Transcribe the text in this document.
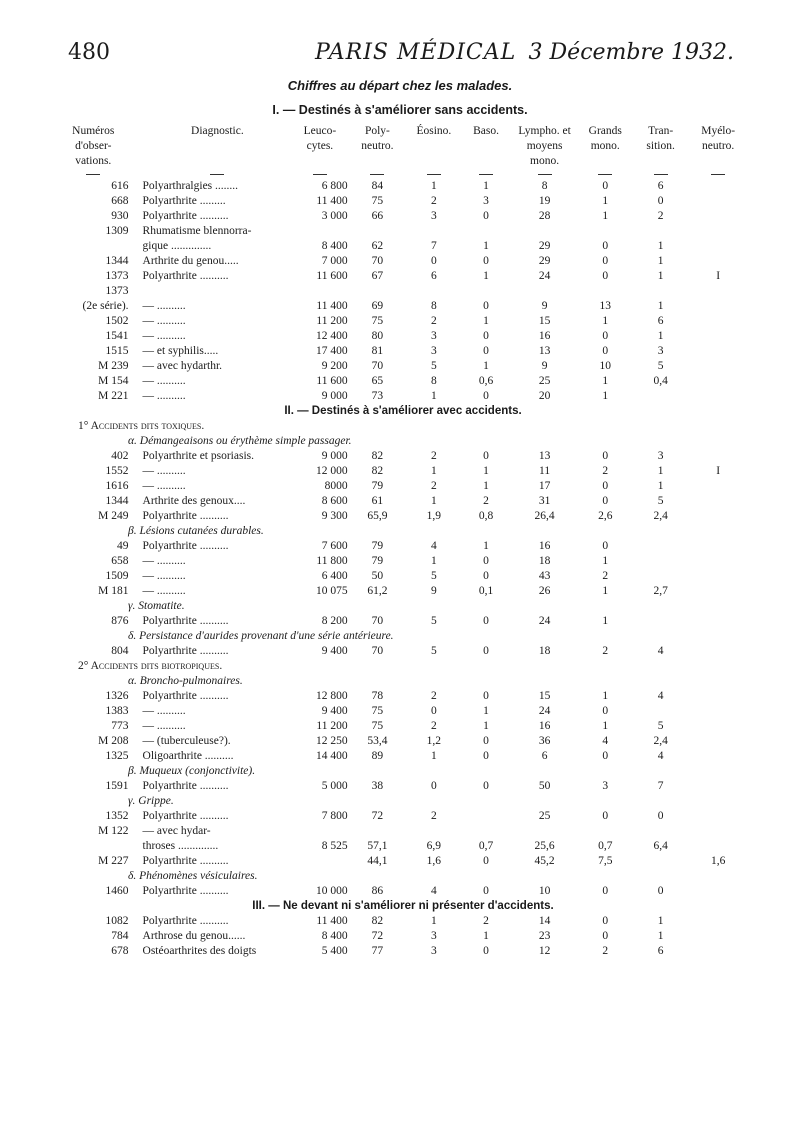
480	PARIS MÉDICAL 3 Décembre 1932.
Chiffres au départ chez les malades.
I. — Destinés à s'améliorer sans accidents.
Numéros d'obser- vations.	Diagnostic.	Leuco- cytes.	Poly- neutro.	Éosino.	Baso.	Lympho. et moyens mono.	Grands mono.	Tran- sition.	Myélo- neutro.

616	Polyarthralgies ........	6 800	84	1	1	8	0	6	
668	Polyarthrite .........	11 400	75	2	3	19	1	0	
930	Polyarthrite ..........	3 000	66	3	0	28	1	2	
1309	Rhumatisme blennorra-								
	gique ..............	8 400	62	7	1	29	0	1	
1344	Arthrite du genou.....	7 000	70	0	0	29	0	1	
1373	Polyarthrite ..........	11 600	67	6	1	24	0	1	I
1373									
(2e série).	— ..........	11 400	69	8	0	9	13	1	
1502	— ..........	11 200	75	2	1	15	1	6	
1541	— ..........	12 400	80	3	0	16	0	1	
1515	— et syphilis.....	17 400	81	3	0	13	0	3	
M 239	— avec hydarthr.	9 200	70	5	1	9	10	5	
M 154	— ..........	11 600	65	8	0,6	25	1	0,4	
M 221	— ..........	9 000	73	1	0	20	1		
II. — Destinés à s'améliorer avec accidents.									
1° Accidents dits toxiques.									
α. Démangeaisons ou érythème simple passager.									
402	Polyarthrite et psoriasis.	9 000	82	2	0	13	0	3	
1552	— ..........	12 000	82	1	1	11	2	1	I
1616	— ..........	8000	79	2	1	17	0	1	
1344	Arthrite des genoux....	8 600	61	1	2	31	0	5	
M 249	Polyarthrite ..........	9 300	65,9	1,9	0,8	26,4	2,6	2,4	
β. Lésions cutanées durables.									
49	Polyarthrite ..........	7 600	79	4	1	16	0		
658	— ..........	11 800	79	1	0	18	1		
1509	— ..........	6 400	50	5	0	43	2		
M 181	— ..........	10 075	61,2	9	0,1	26	1	2,7	
γ. Stomatite.									
876	Polyarthrite ..........	8 200	70	5	0	24	1		
δ. Persistance d'aurides provenant d'une série antérieure.									
804	Polyarthrite ..........	9 400	70	5	0	18	2	4	
2° Accidents dits biotropiques.									
α. Broncho-pulmonaires.									
1326	Polyarthrite ..........	12 800	78	2	0	15	1	4	
1383	— ..........	9 400	75	0	1	24	0		
773	— ..........	11 200	75	2	1	16	1	5	
M 208	— (tuberculeuse?).	12 250	53,4	1,2	0	36	4	2,4	
1325	Oligoarthrite ..........	14 400	89	1	0	6	0	4	
β. Muqueux (conjonctivite).									
1591	Polyarthrite ..........	5 000	38	0	0	50	3	7	
γ. Grippe.									
1352	Polyarthrite ..........	7 800	72	2		25	0	0	
M 122	— avec hydar-								
	throses ..............	8 525	57,1	6,9	0,7	25,6	0,7	6,4	
M 227	Polyarthrite ..........		44,1	1,6	0	45,2	7,5		1,6
δ. Phénomènes vésiculaires.									
1460	Polyarthrite ..........	10 000	86	4	0	10	0	0	
III. — Ne devant ni s'améliorer ni présenter d'accidents.									
1082	Polyarthrite ..........	11 400	82	1	2	14	0	1	
784	Arthrose du genou......	8 400	72	3	1	23	0	1	
678	Ostéoarthrites des doigts	5 400	77	3	0	12	2	6	
